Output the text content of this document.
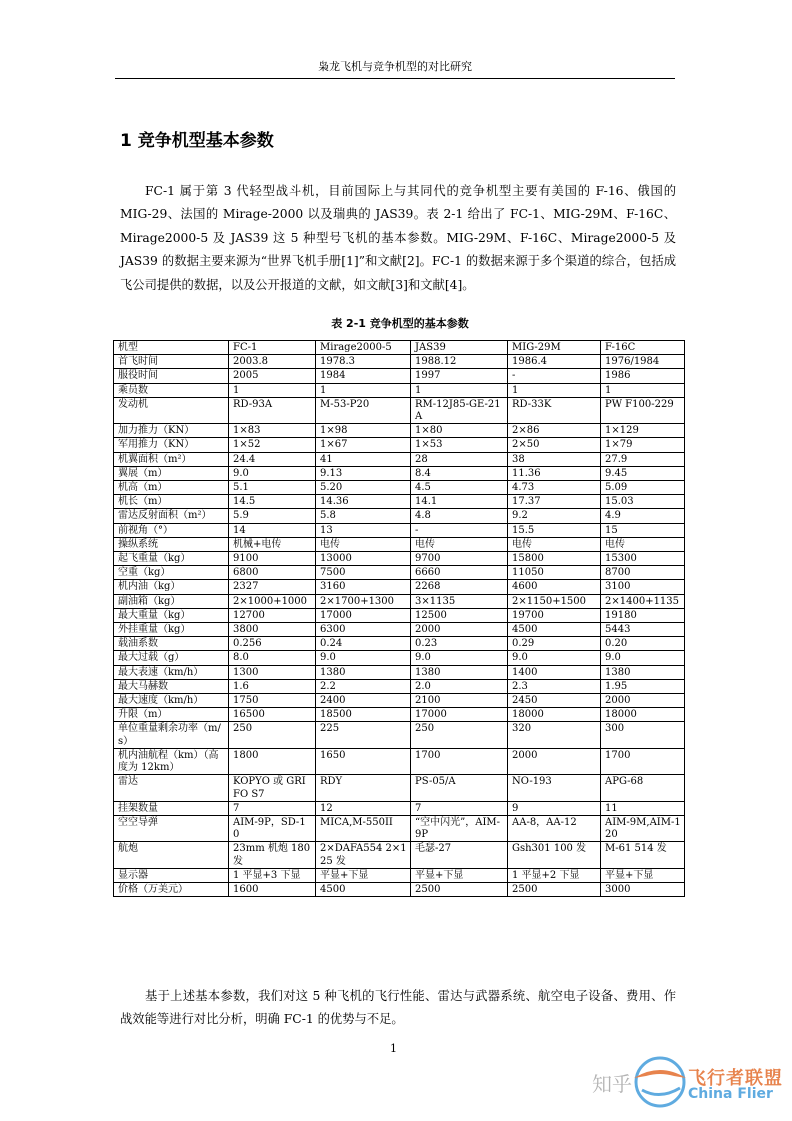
枭龙飞机与竞争机型的对比研究
1 竞争机型基本参数

FC-1 属于第 3 代轻型战斗机，目前国际上与其同代的竞争机型主要有美国的 F-16、俄国的 MIG-29、法国的 Mirage-2000 以及瑞典的 JAS39。表 2-1 给出了 FC-1、MIG-29M、F-16C、Mirage2000-5 及 JAS39 这 5 种型号飞机的基本参数。MIG-29M、F-16C、Mirage2000-5 及 JAS39 的数据主要来源为“世界飞机手册[1]”和文献[2]。FC-1 的数据来源于多个渠道的综合，包括成飞公司提供的数据，以及公开报道的文献，如文献[3]和文献[4]。

表 2-1 竞争机型的基本参数
机型	FC-1	Mirage2000-5	JAS39	MIG-29M	F-16C
首飞时间	2003.8	1978.3	1988.12	1986.4	1976/1984
服役时间	2005	1984	1997	-	1986
乘员数	1	1	1	1	1
发动机	RD-93A	M-53-P20	RM-12J85-GE-21A	RD-33K	PW F100-229
加力推力（KN）	1×83	1×98	1×80	2×86	1×129
军用推力（KN）	1×52	1×67	1×53	2×50	1×79
机翼面积（m²）	24.4	41	28	38	27.9
翼展（m）	9.0	9.13	8.4	11.36	9.45
机高（m）	5.1	5.20	4.5	4.73	5.09
机长（m）	14.5	14.36	14.1	17.37	15.03
雷达反射面积（m²）	5.9	5.8	4.8	9.2	4.9
前视角（°）	14	13	-	15.5	15
操纵系统	机械+电传	电传	电传	电传	电传
起飞重量（kg）	9100	13000	9700	15800	15300
空重（kg）	6800	7500	6660	11050	8700
机内油（kg）	2327	3160	2268	4600	3100
副油箱（kg）	2×1000+1000	2×1700+1300	3×1135	2×1150+1500	2×1400+1135
最大重量（kg）	12700	17000	12500	19700	19180
外挂重量（kg）	3800	6300	2000	4500	5443
载油系数	0.256	0.24	0.23	0.29	0.20
最大过载（g）	8.0	9.0	9.0	9.0	9.0
最大表速（km/h）	1300	1380	1380	1400	1380
最大马赫数	1.6	2.2	2.0	2.3	1.95
最大速度（km/h）	1750	2400	2100	2450	2000
升限（m）	16500	18500	17000	18000	18000
单位重量剩余功率（m/s）	250	225	250	320	300
机内油航程（km）（高度为 12km）	1800	1650	1700	2000	1700
雷达	KOPYO 或 GRIFO S7	RDY	PS-05/A	NO-193	APG-68
挂架数量	7	12	7	9	11
空空导弹	AIM-9P，SD-10	MICA,M-550II	“空中闪光”，AIM-9P	AA-8，AA-12	AIM-9M,AIM-120
航炮	23mm 机炮 180 发	2×DAFA554 2×125 发	毛瑟-27	Gsh301 100 发	M-61 514 发
显示器	1 平显+3 下显	平显+下显	平显+下显	1 平显+2 下显	平显+下显
价格（万美元）	1600	4500	2500	2500	3000

基于上述基本参数，我们对这 5 种飞机的飞行性能、雷达与武器系统、航空电子设备、费用、作战效能等进行对比分析，明确 FC-1 的优势与不足。

1
知乎	飞行者联盟
China Flier
